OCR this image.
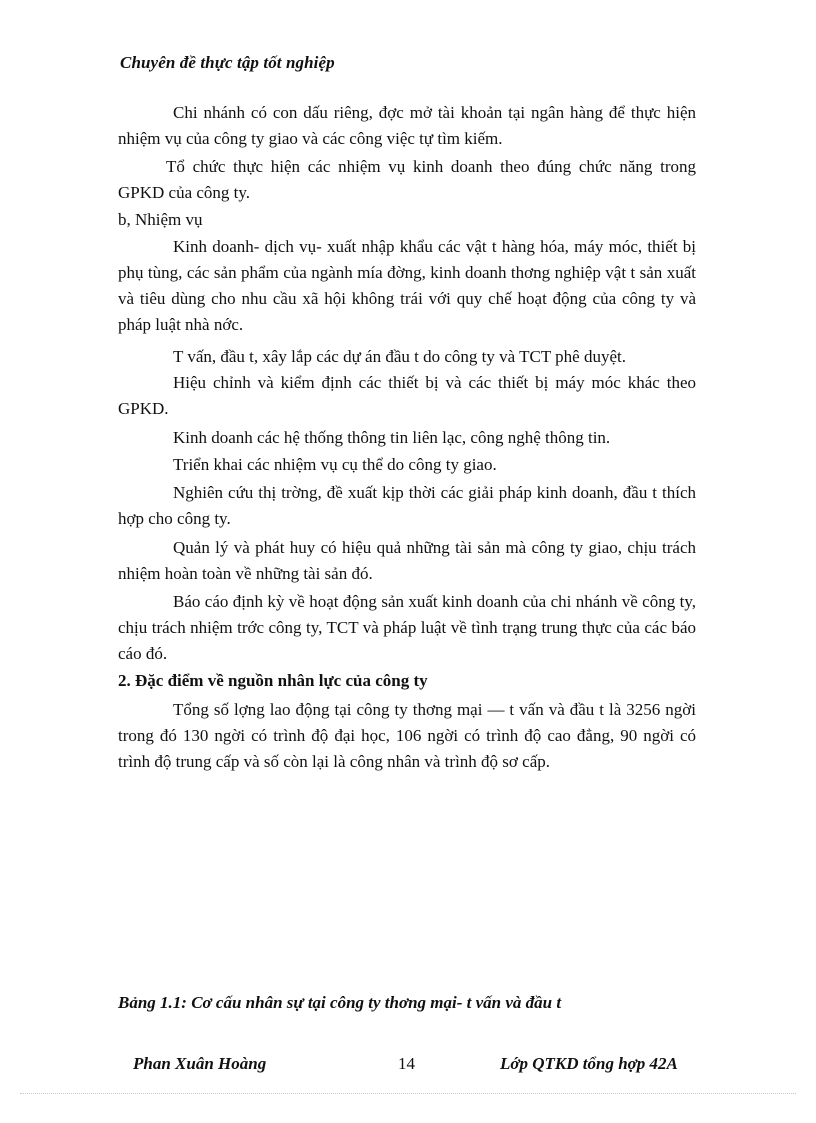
Chuyên đề thực tập tốt nghiệp

Chi nhánh có con dấu riêng, đợc mở tài khoản tại ngân hàng để thực hiện nhiệm vụ của công ty giao và các công việc tự tìm kiếm.

Tổ chức thực hiện các nhiệm vụ kinh doanh theo đúng chức năng trong GPKD của công ty.

b, Nhiệm vụ

Kinh doanh- dịch vụ- xuất nhập khẩu các vật t hàng hóa, máy móc, thiết bị phụ tùng, các sản phẩm của ngành mía đờng, kinh doanh thơng nghiệp vật t sản xuất và tiêu dùng cho nhu cầu xã hội không trái với quy chế hoạt động của công ty và pháp luật nhà nớc.

T vấn, đầu t, xây lắp các dự án đầu t do công ty và TCT phê duyệt.

Hiệu chỉnh và kiểm định các thiết bị và các thiết bị máy móc khác theo GPKD.

Kinh doanh các hệ thống thông tin liên lạc, công nghệ thông tin.

Triển khai các nhiệm vụ cụ thể do công ty giao.

Nghiên cứu thị trờng, đề xuất kịp thời các giải pháp kinh doanh, đầu t thích hợp cho công ty.

Quản lý và phát huy có hiệu quả những tài sản mà công ty giao, chịu trách nhiệm hoàn toàn về những tài sản đó.

Báo cáo định kỳ về hoạt động sản xuất kinh doanh của chi nhánh về công ty, chịu trách nhiệm trớc công ty, TCT và pháp luật về tình trạng trung thực của các báo cáo đó.

2. Đặc điểm về nguồn nhân lực của công ty

Tổng số lợng lao động tại công ty thơng mại — t vấn và đầu t là 3256 ngời trong đó 130 ngời có trình độ đại học, 106 ngời có trình độ cao đẳng, 90 ngời có trình độ trung cấp và số còn lại là công nhân và trình độ sơ cấp.

Bảng 1.1: Cơ cấu nhân sự tại công ty thơng mại- t vấn và đầu t
Phan Xuân Hoàng	14	Lớp QTKD tổng hợp 42A
